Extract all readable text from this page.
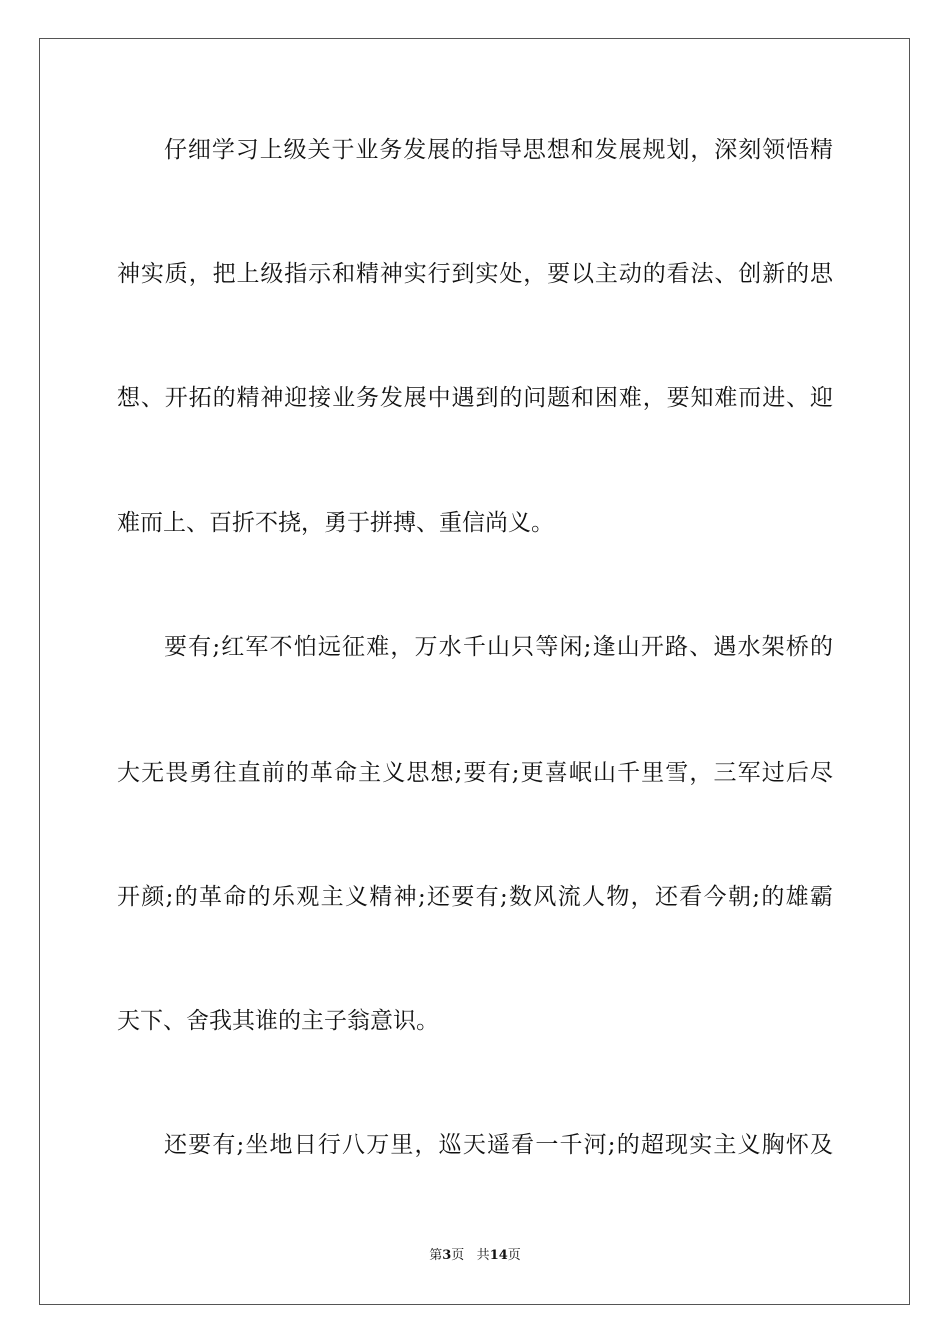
仔细学习上级关于业务发展的指导思想和发展规划，深刻领悟精
神实质，把上级指示和精神实行到实处，要以主动的看法、创新的思
想、开拓的精神迎接业务发展中遇到的问题和困难，要知难而进、迎
难而上、百折不挠，勇于拼搏、重信尚义。
要有;红军不怕远征难，万水千山只等闲;逢山开路、遇水架桥的
大无畏勇往直前的革命主义思想;要有;更喜岷山千里雪，三军过后尽
开颜;的革命的乐观主义精神;还要有;数风流人物，还看今朝;的雄霸
天下、舍我其谁的主子翁意识。
还要有;坐地日行八万里，巡天遥看一千河;的超现实主义胸怀及
第3页 共14页
